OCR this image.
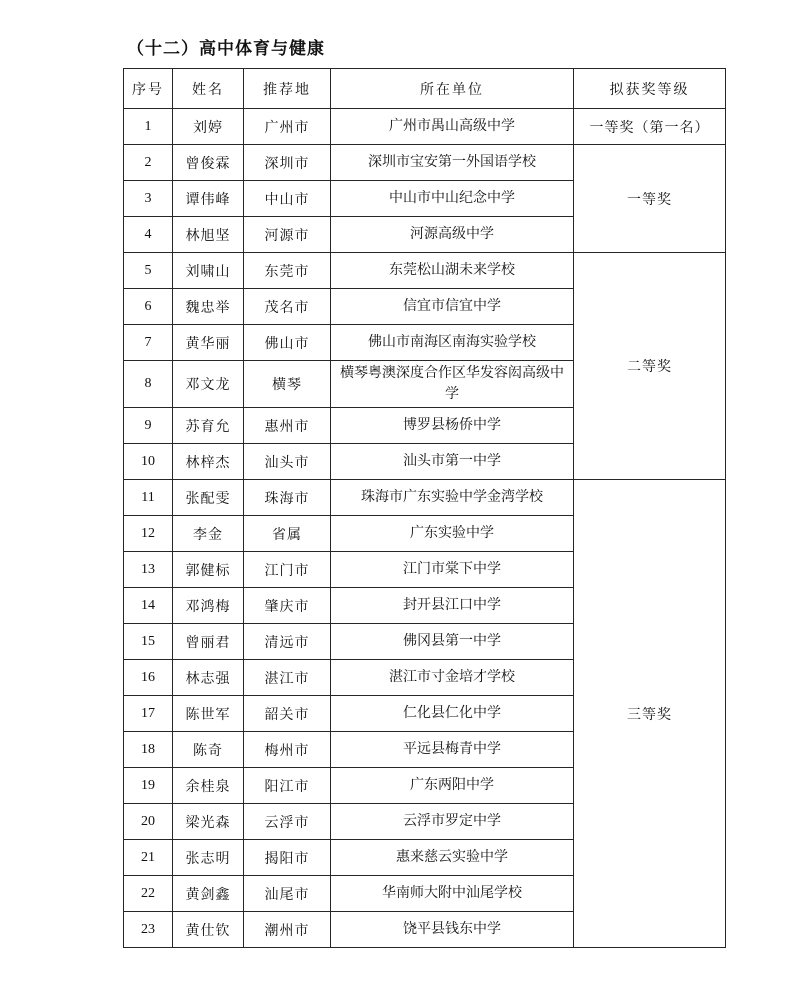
（十二）高中体育与健康
序号	姓名	推荐地	所在单位	拟获奖等级
1	刘婷	广州市	广州市禺山高级中学	一等奖（第一名）
2	曾俊霖	深圳市	深圳市宝安第一外国语学校	一等奖
3	谭伟峰	中山市	中山市中山纪念中学	
4	林旭坚	河源市	河源高级中学	
5	刘啸山	东莞市	东莞松山湖未来学校	二等奖
6	魏忠举	茂名市	信宜市信宜中学	
7	黄华丽	佛山市	佛山市南海区南海实验学校	
8	邓文龙	横琴	横琴粤澳深度合作区华发容闳高级中学	
9	苏育允	惠州市	博罗县杨侨中学	
10	林梓杰	汕头市	汕头市第一中学	
11	张配雯	珠海市	珠海市广东实验中学金湾学校	三等奖
12	李金	省属	广东实验中学	
13	郭健标	江门市	江门市棠下中学	
14	邓鸿梅	肇庆市	封开县江口中学	
15	曾丽君	清远市	佛冈县第一中学	
16	林志强	湛江市	湛江市寸金培才学校	
17	陈世军	韶关市	仁化县仁化中学	
18	陈奇	梅州市	平远县梅青中学	
19	余桂泉	阳江市	广东两阳中学	
20	梁光森	云浮市	云浮市罗定中学	
21	张志明	揭阳市	惠来慈云实验中学	
22	黄剑鑫	汕尾市	华南师大附中汕尾学校	
23	黄仕钦	潮州市	饶平县钱东中学	
